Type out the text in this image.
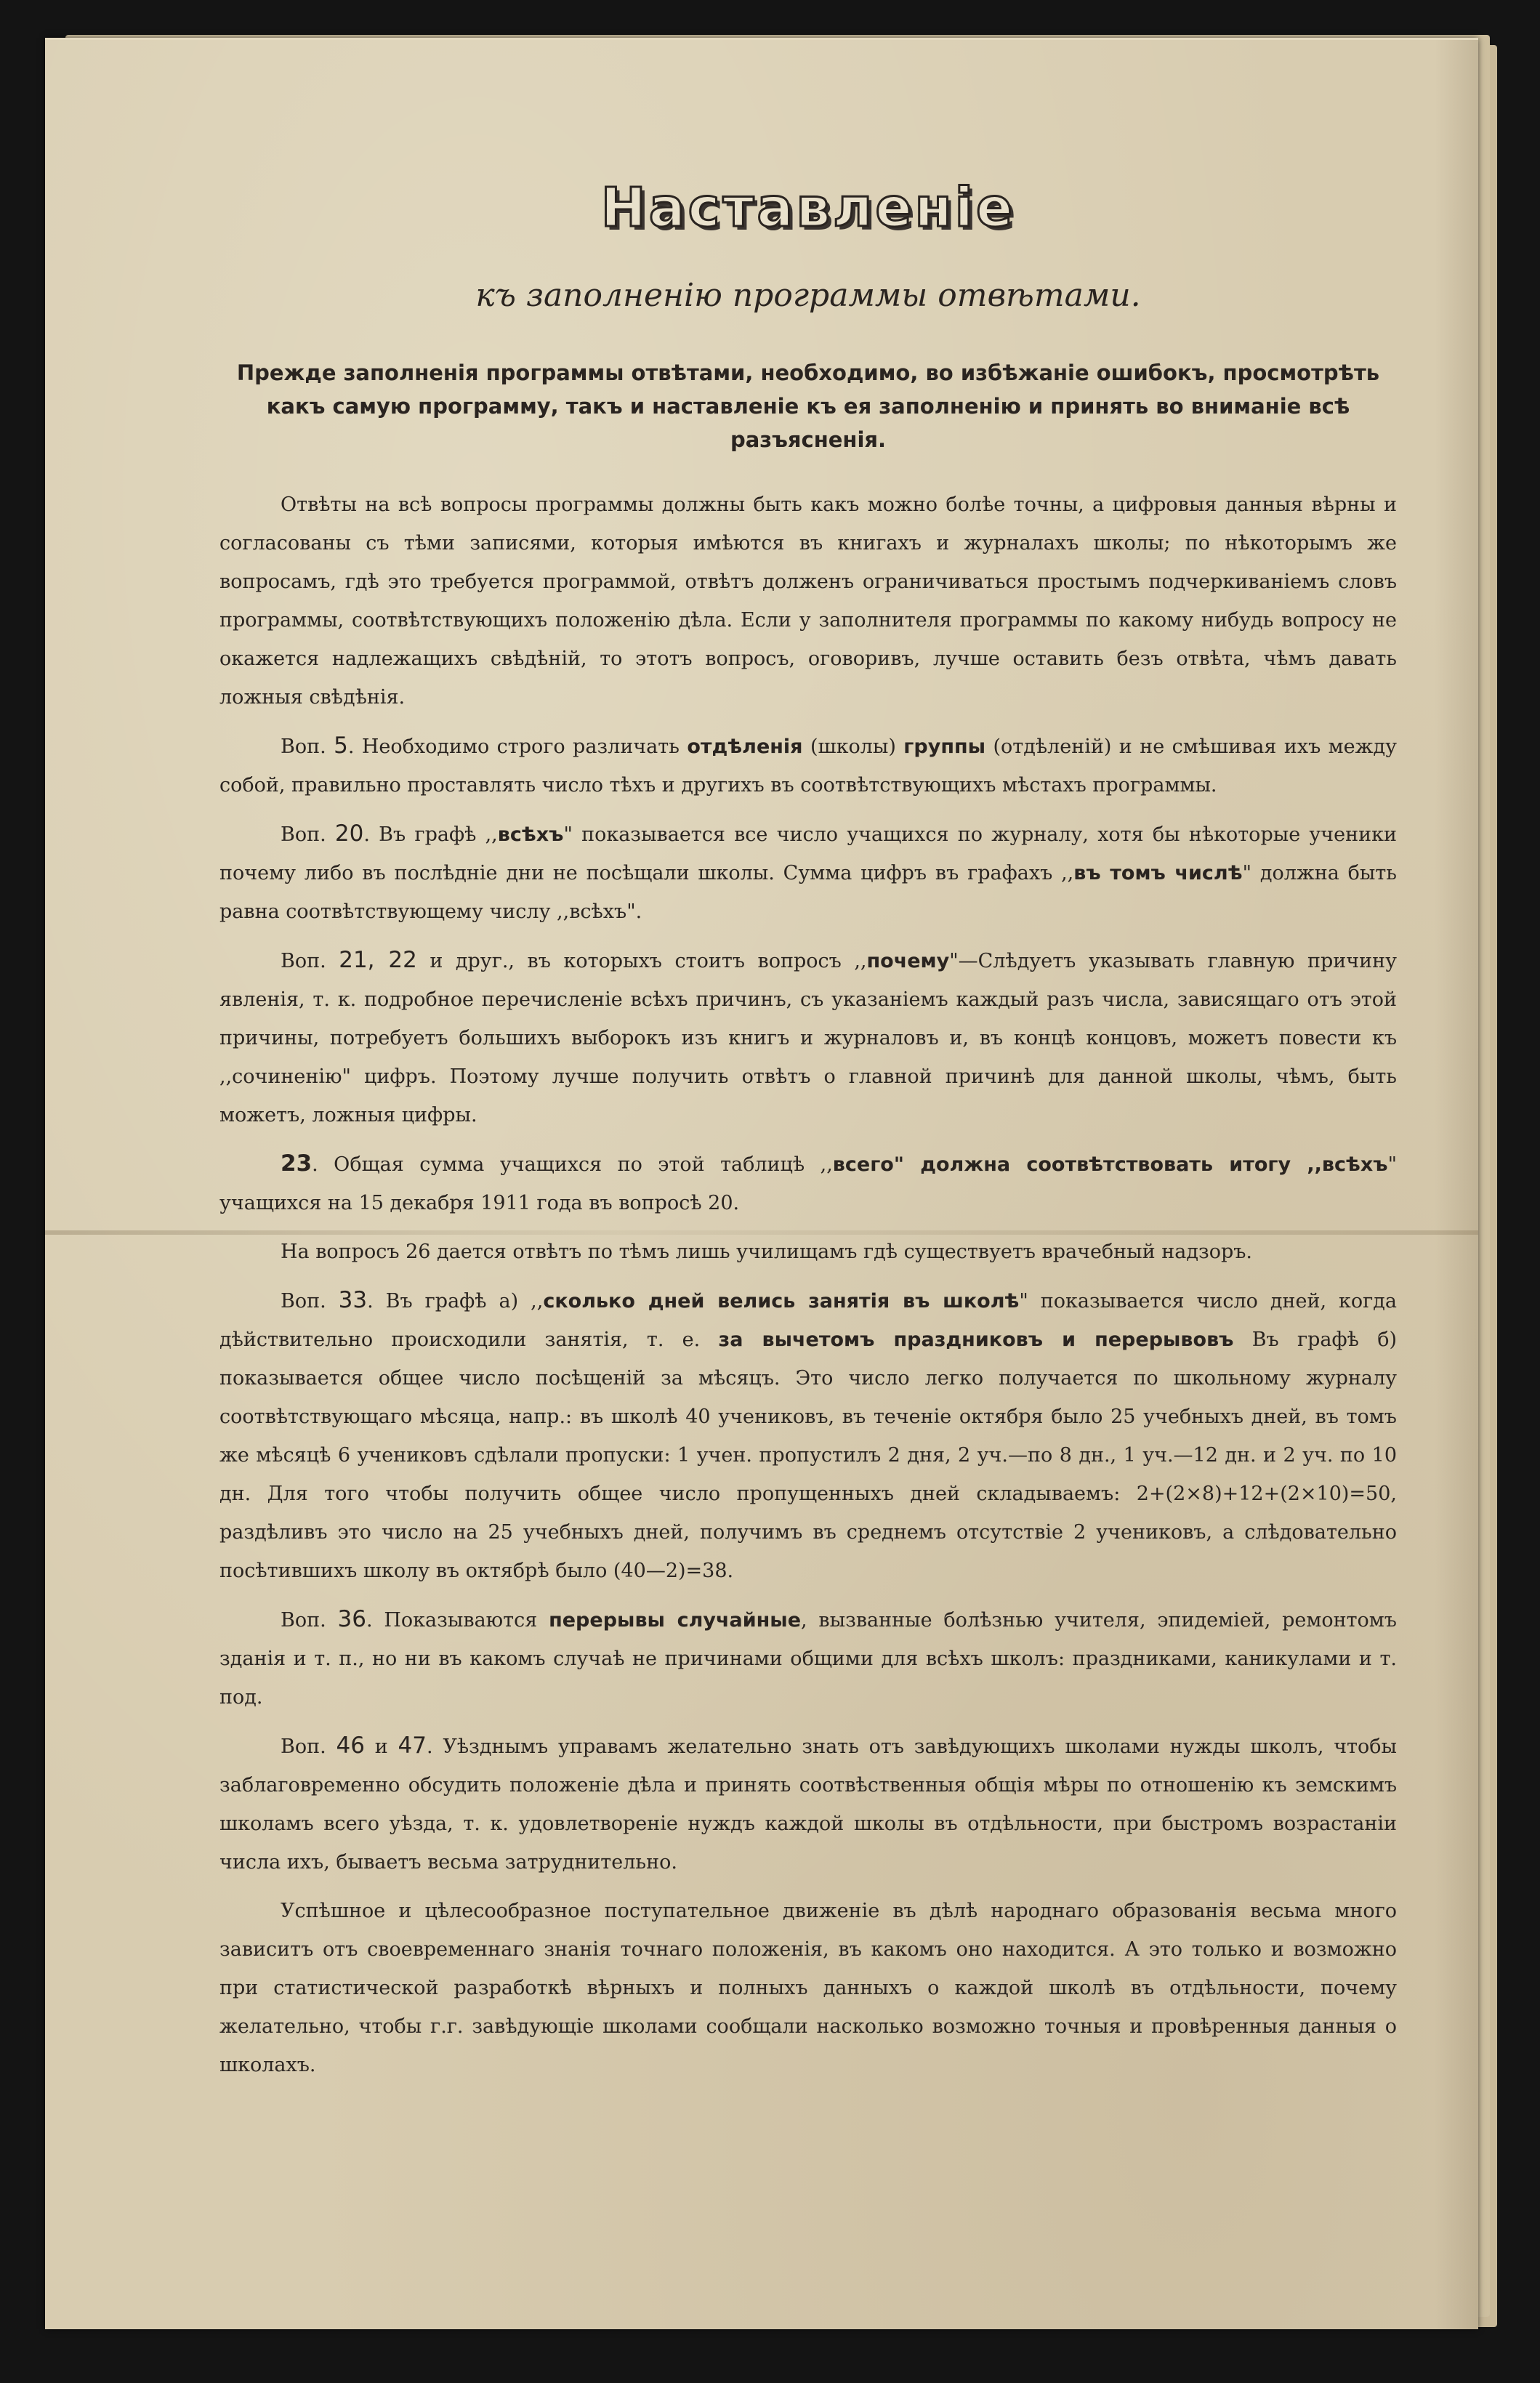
Наставленіе
къ заполненію программы отвѣтами.
Прежде заполненія программы отвѣтами, необходимо, во избѣжаніе ошибокъ, просмотрѣть какъ самую программу, такъ и наставленіе къ ея заполненію и принять во вниманіе всѣ разъясненія.

Отвѣты на всѣ вопросы программы должны быть какъ можно болѣе точны, а цифровыя данныя вѣрны и согласованы съ тѣми записями, которыя имѣются въ книгахъ и журналахъ школы; по нѣкоторымъ же вопросамъ, гдѣ это требуется программой, отвѣтъ долженъ ограничиваться простымъ подчеркиваніемъ словъ программы, соотвѣтствующихъ положенію дѣла. Если у заполнителя программы по какому нибудь вопросу не окажется надлежащихъ свѣдѣній, то этотъ вопросъ, оговоривъ, лучше оставить безъ отвѣта, чѣмъ давать ложныя свѣдѣнія.

Воп. 5. Необходимо строго различать отдѣленія (школы) группы (отдѣленій) и не смѣшивая ихъ между собой, правильно проставлять число тѣхъ и другихъ въ соотвѣтствующихъ мѣстахъ программы.

Воп. 20. Въ графѣ ,,всѣхъ" показывается все число учащихся по журналу, хотя бы нѣкоторые ученики почему либо въ послѣдніе дни не посѣщали школы. Сумма цифръ въ графахъ ,,въ томъ числѣ" должна быть равна соотвѣтствующему числу ,,всѣхъ".

Воп. 21, 22 и друг., въ которыхъ стоитъ вопросъ ,,почему"—Слѣдуетъ указывать главную причину явленія, т. к. подробное перечисленіе всѣхъ причинъ, съ указаніемъ каждый разъ числа, зависящаго отъ этой причины, потребуетъ большихъ выборокъ изъ книгъ и журналовъ и, въ концѣ концовъ, можетъ повести къ ,,сочиненію" цифръ. Поэтому лучше получить отвѣтъ о главной причинѣ для данной школы, чѣмъ, быть можетъ, ложныя цифры.

23. Общая сумма учащихся по этой таблицѣ ,,всего" должна соотвѣтствовать итогу ,,всѣхъ" учащихся на 15 декабря 1911 года въ вопросѣ 20.

На вопросъ 26 дается отвѣтъ по тѣмъ лишь училищамъ гдѣ существуетъ врачебный надзоръ.

Воп. 33. Въ графѣ а) ,,сколько дней велись занятія въ школѣ" показывается число дней, когда дѣйствительно происходили занятія, т. е. за вычетомъ праздниковъ и перерывовъ Въ графѣ б) показывается общее число посѣщеній за мѣсяцъ. Это число легко получается по школьному журналу соотвѣтствующаго мѣсяца, напр.: въ школѣ 40 учениковъ, въ теченіе октября было 25 учебныхъ дней, въ томъ же мѣсяцѣ 6 учениковъ сдѣлали пропуски: 1 учен. пропустилъ 2 дня, 2 уч.—по 8 дн., 1 уч.—12 дн. и 2 уч. по 10 дн. Для того чтобы получить общее число пропущенныхъ дней складываемъ: 2+(2×8)+12+(2×10)=50, раздѣливъ это число на 25 учебныхъ дней, получимъ въ среднемъ отсутствіе 2 учениковъ, а слѣдовательно посѣтившихъ школу въ октябрѣ было (40—2)=38.

Воп. 36. Показываются перерывы случайные, вызванные болѣзнью учителя, эпидеміей, ремонтомъ зданія и т. п., но ни въ какомъ случаѣ не причинами общими для всѣхъ школъ: праздниками, каникулами и т. под.

Воп. 46 и 47. Уѣзднымъ управамъ желательно знать отъ завѣдующихъ школами нужды школъ, чтобы заблаговременно обсудить положеніе дѣла и принять соотвѣственныя общія мѣры по отношенію къ земскимъ школамъ всего уѣзда, т. к. удовлетвореніе нуждъ каждой школы въ отдѣльности, при быстромъ возрастаніи числа ихъ, бываетъ весьма затруднительно.

Успѣшное и цѣлесообразное поступательное движеніе въ дѣлѣ народнаго образованія весьма много зависитъ отъ своевременнаго знанія точнаго положенія, въ какомъ оно находится. А это только и возможно при статистической разработкѣ вѣрныхъ и полныхъ данныхъ о каждой школѣ въ отдѣльности, почему желательно, чтобы г.г. завѣдующіе школами сообщали насколько возможно точныя и провѣренныя данныя о школахъ.
